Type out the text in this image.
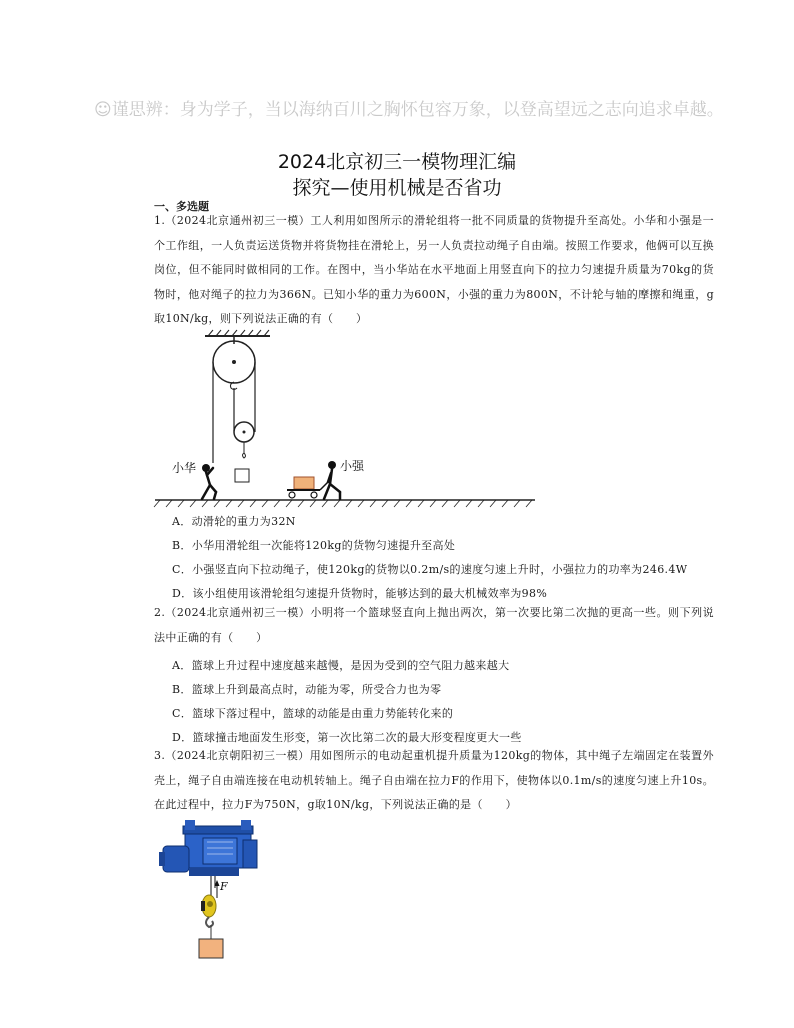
☺谨思辨：身为学子，当以海纳百川之胸怀包容万象，以登高望远之志向追求卓越。
2024北京初三一模物理汇编
探究—使用机械是否省功
一、多选题
1.（2024北京通州初三一模）工人利用如图所示的滑轮组将一批不同质量的货物提升至高处。小华和小强是一个工作组，一人负责运送货物并将货物挂在滑轮上，另一人负责拉动绳子自由端。按照工作要求，他俩可以互换岗位，但不能同时做相同的工作。在图中，当小华站在水平地面上用竖直向下的拉力匀速提升质量为70kg的货物时，他对绳子的拉力为366N。已知小华的重力为600N，小强的重力为800N，不计轮与轴的摩擦和绳重，g取10N/kg，则下列说法正确的有（　　）
小华	小强
A．动滑轮的重力为32N
B．小华用滑轮组一次能将120kg的货物匀速提升至高处
C．小强竖直向下拉动绳子，使120kg的货物以0.2m/s的速度匀速上升时，小强拉力的功率为246.4W
D．该小组使用该滑轮组匀速提升货物时，能够达到的最大机械效率为98%
2.（2024北京通州初三一模）小明将一个篮球竖直向上抛出两次，第一次要比第二次抛的更高一些。则下列说法中正确的有（　　）
A．篮球上升过程中速度越来越慢，是因为受到的空气阻力越来越大
B．篮球上升到最高点时，动能为零，所受合力也为零
C．篮球下落过程中，篮球的动能是由重力势能转化来的
D．篮球撞击地面发生形变，第一次比第二次的最大形变程度更大一些
3.（2024北京朝阳初三一模）用如图所示的电动起重机提升质量为120kg的物体，其中绳子左端固定在装置外壳上，绳子自由端连接在电动机转轴上。绳子自由端在拉力F的作用下，使物体以0.1m/s的速度匀速上升10s。在此过程中，拉力F为750N，g取10N/kg，下列说法正确的是（　　）
F
